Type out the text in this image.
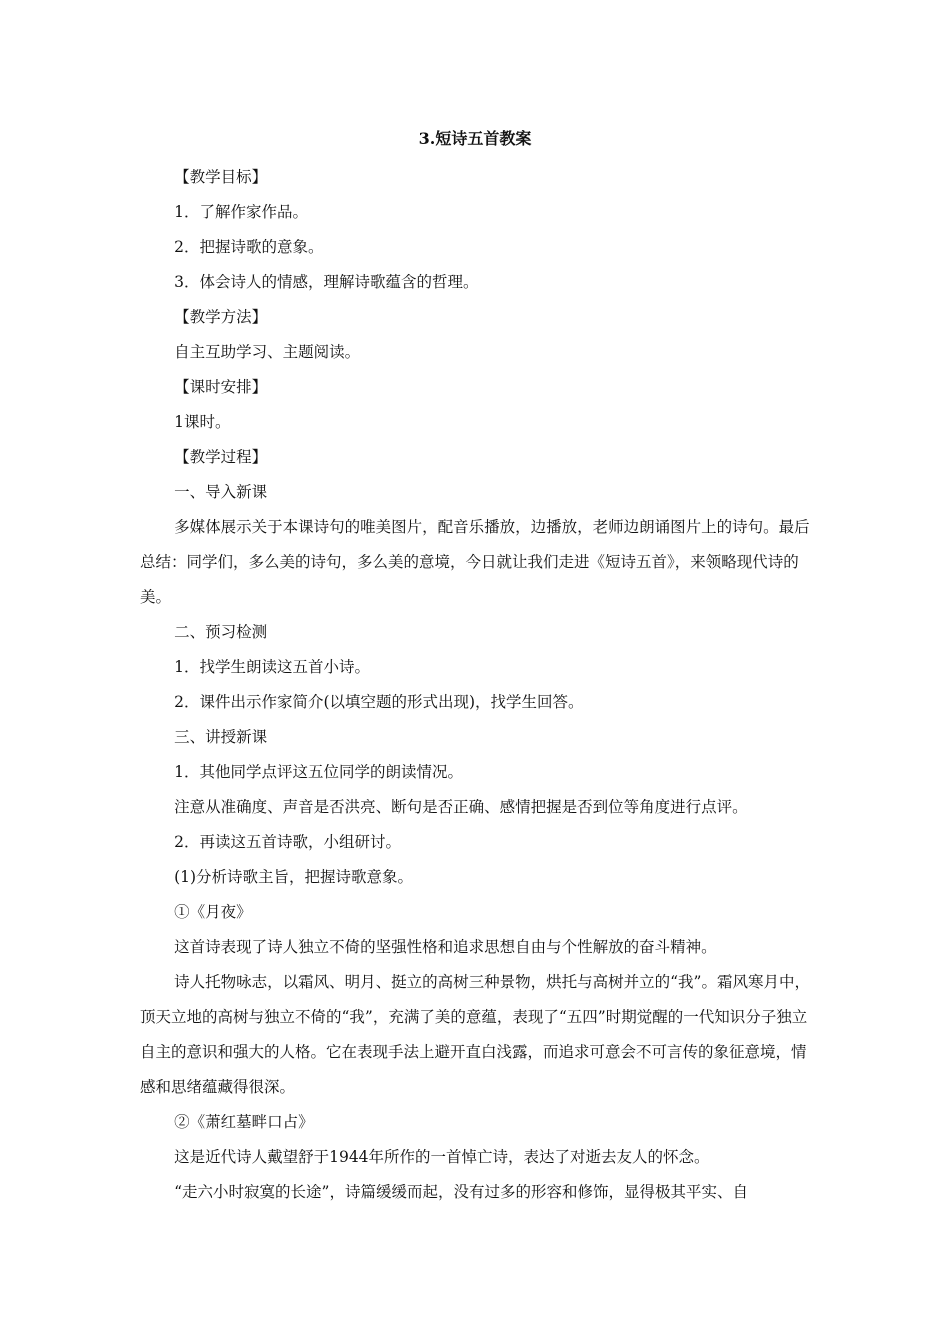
3.短诗五首教案

【教学目标】

1．了解作家作品。

2．把握诗歌的意象。

3．体会诗人的情感，理解诗歌蕴含的哲理。

【教学方法】

自主互助学习、主题阅读。

【课时安排】

1课时。

【教学过程】

一、导入新课

多媒体展示关于本课诗句的唯美图片，配音乐播放，边播放，老师边朗诵图片上的诗句。最后总结：同学们，多么美的诗句，多么美的意境，今日就让我们走进《短诗五首》，来领略现代诗的美。

二、预习检测

1．找学生朗读这五首小诗。

2．课件出示作家简介(以填空题的形式出现)，找学生回答。

三、讲授新课

1．其他同学点评这五位同学的朗读情况。

注意从准确度、声音是否洪亮、断句是否正确、感情把握是否到位等角度进行点评。

2．再读这五首诗歌，小组研讨。

(1)分析诗歌主旨，把握诗歌意象。

①《月夜》

这首诗表现了诗人独立不倚的坚强性格和追求思想自由与个性解放的奋斗精神。

诗人托物咏志，以霜风、明月、挺立的高树三种景物，烘托与高树并立的“我”。霜风寒月中，顶天立地的高树与独立不倚的“我”，充满了美的意蕴，表现了“五四”时期觉醒的一代知识分子独立自主的意识和强大的人格。它在表现手法上避开直白浅露，而追求可意会不可言传的象征意境，情感和思绪蕴藏得很深。

②《萧红墓畔口占》

这是近代诗人戴望舒于1944年所作的一首悼亡诗，表达了对逝去友人的怀念。

“走六小时寂寞的长途”，诗篇缓缓而起，没有过多的形容和修饰，显得极其平实、自
